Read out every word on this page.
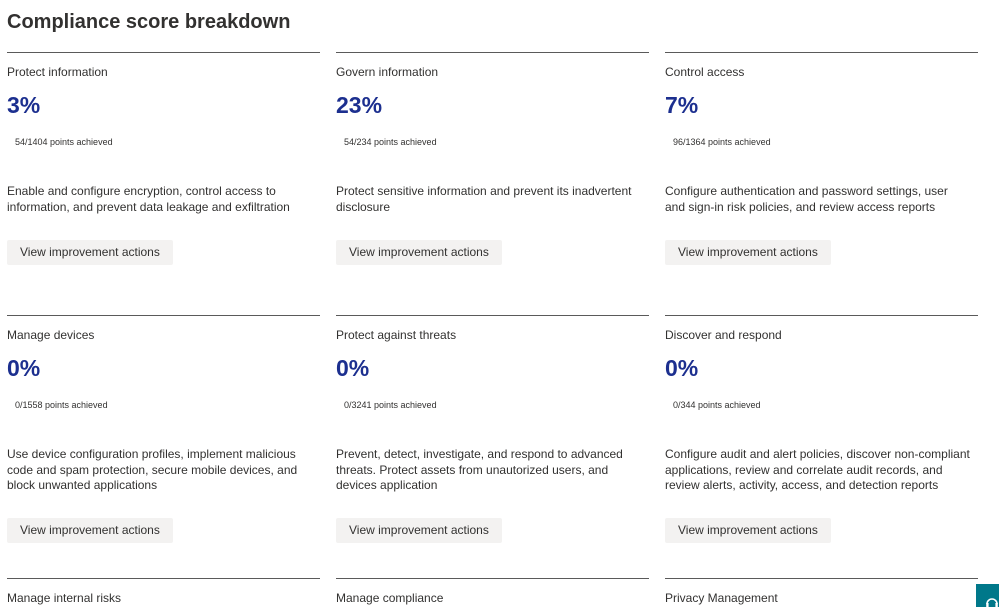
Compliance score breakdown
Protect information
3%
54/1404 points achieved
Enable and configure encryption, control access to information, and prevent data leakage and exfiltration
View improvement actions
Govern information
23%
54/234 points achieved
Protect sensitive information and prevent its inadvertent disclosure
View improvement actions
Control access
7%
96/1364 points achieved
Configure authentication and password settings, user and sign-in risk policies, and review access reports
View improvement actions
Manage devices
0%
0/1558 points achieved
Use device configuration profiles, implement malicious code and spam protection, secure mobile devices, and block unwanted applications
View improvement actions
Protect against threats
0%
0/3241 points achieved
Prevent, detect, investigate, and respond to advanced threats. Protect assets from unautorized users, and devices application
View improvement actions
Discover and respond
0%
0/344 points achieved
Configure audit and alert policies, discover non-compliant applications, review and correlate audit records, and review alerts, activity, access, and detection reports
View improvement actions
Manage internal risks	Manage compliance	Privacy Management
